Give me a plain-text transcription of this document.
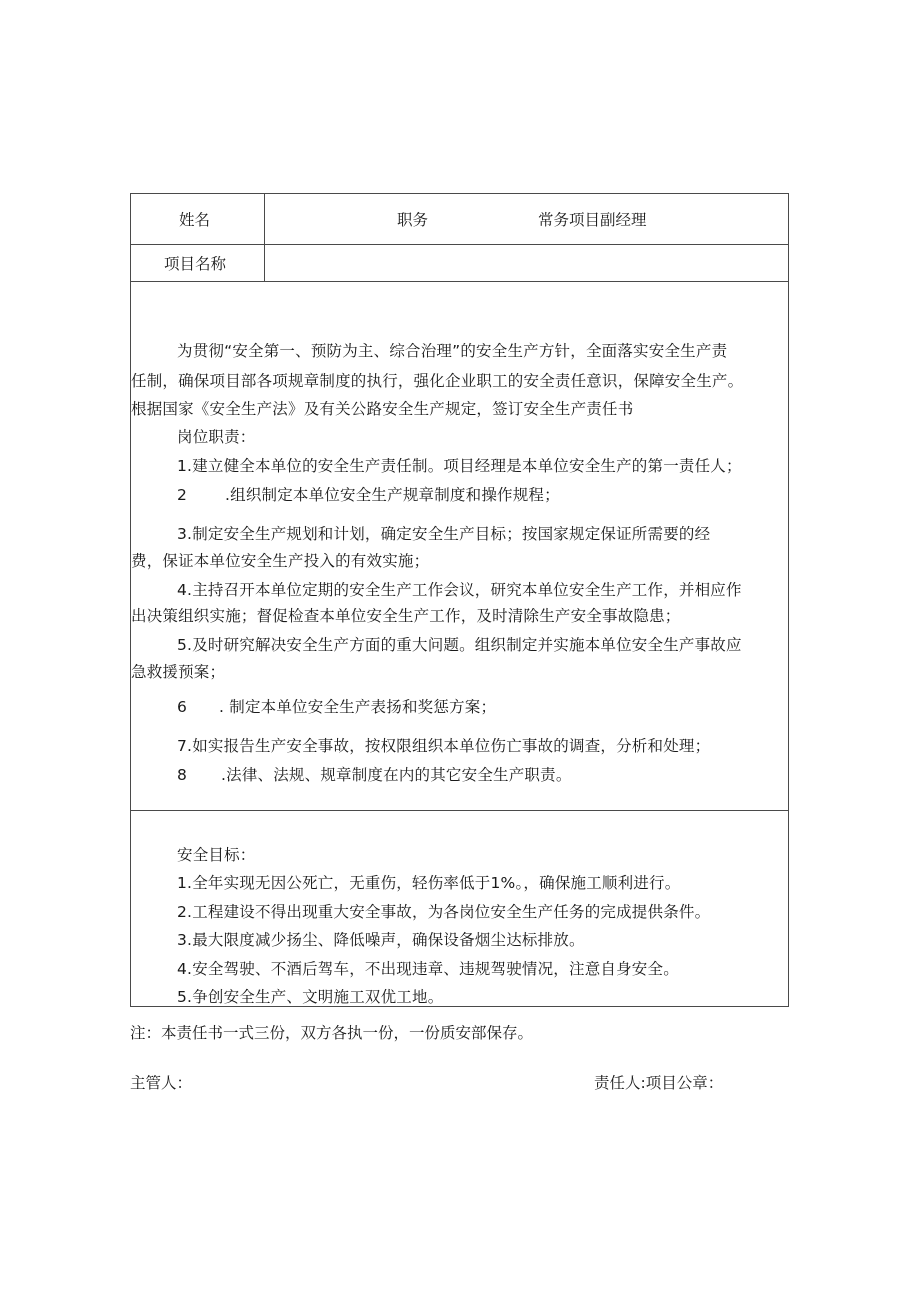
姓名	职务	常务项目副经理
项目名称
为贯彻“安全第一、预防为主、综合治理”的安全生产方针，全面落实安全生产责
任制，确保项目部各项规章制度的执行，强化企业职工的安全责任意识，保障安全生产。
根据国家《安全生产法》及有关公路安全生产规定，签订安全生产责任书
岗位职责：
1.建立健全本单位的安全生产责任制。项目经理是本单位安全生产的第一责任人；
2 .组织制定本单位安全生产规章制度和操作规程；
3.制定安全生产规划和计划，确定安全生产目标；按国家规定保证所需要的经
费，保证本单位安全生产投入的有效实施；
4.主持召开本单位定期的安全生产工作会议，研究本单位安全生产工作，并相应作
出决策组织实施；督促检查本单位安全生产工作，及时清除生产安全事故隐患；
5.及时研究解决安全生产方面的重大问题。组织制定并实施本单位安全生产事故应
急救援预案；
6 . 制定本单位安全生产表扬和奖惩方案；
7.如实报告生产安全事故，按权限组织本单位伤亡事故的调查，分析和处理；
8 .法律、法规、规章制度在内的其它安全生产职责。
安全目标：
1.全年实现无因公死亡，无重伤，轻伤率低于1%。，确保施工顺利进行。
2.工程建设不得出现重大安全事故，为各岗位安全生产任务的完成提供条件。
3.最大限度减少扬尘、降低噪声，确保设备烟尘达标排放。
4.安全驾驶、不酒后驾车，不出现违章、违规驾驶情况，注意自身安全。
5.争创安全生产、文明施工双优工地。
注：本责任书一式三份，双方各执一份，一份质安部保存。
主管人：	责任人:项目公章：
